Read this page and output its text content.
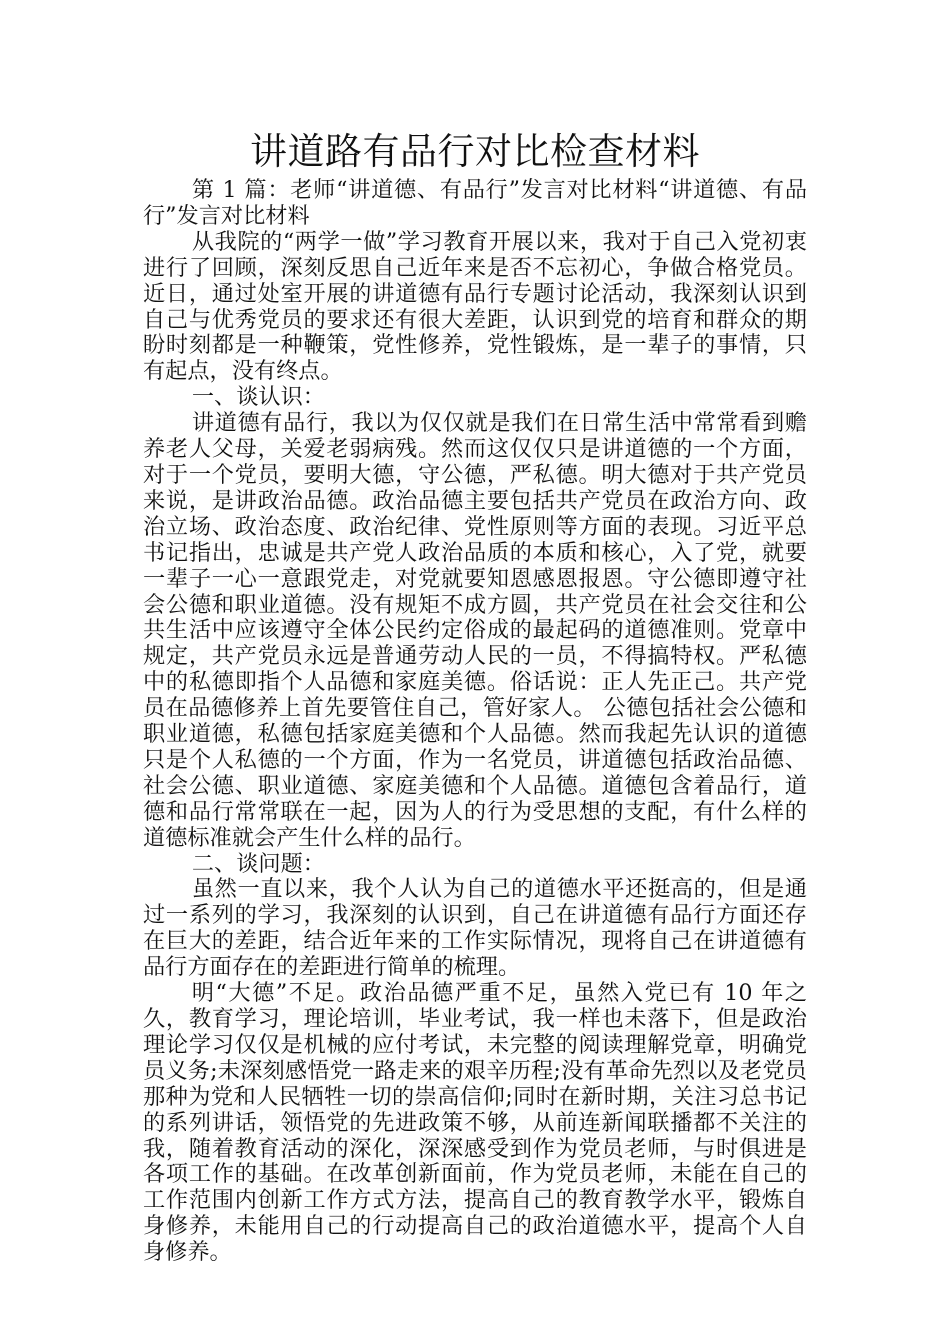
讲道路有品行对比检查材料

第 1 篇：老师“讲道德、有品行”发言对比材料“讲道德、有品行”发言对比材料

从我院的“两学一做”学习教育开展以来，我对于自己入党初衷进行了回顾，深刻反思自己近年来是否不忘初心，争做合格党员。近日，通过处室开展的讲道德有品行专题讨论活动，我深刻认识到自己与优秀党员的要求还有很大差距，认识到党的培育和群众的期盼时刻都是一种鞭策，党性修养，党性锻炼，是一辈子的事情，只有起点，没有终点。

一、谈认识：

讲道德有品行，我以为仅仅就是我们在日常生活中常常看到赡养老人父母，关爱老弱病残。然而这仅仅只是讲道德的一个方面，对于一个党员，要明大德，守公德，严私德。明大德对于共产党员来说，是讲政治品德。政治品德主要包括共产党员在政治方向、政治立场、政治态度、政治纪律、党性原则等方面的表现。习近平总书记指出，忠诚是共产党人政治品质的本质和核心，入了党，就要一辈子一心一意跟党走，对党就要知恩感恩报恩。守公德即遵守社会公德和职业道德。没有规矩不成方圆，共产党员在社会交往和公共生活中应该遵守全体公民约定俗成的最起码的道德准则。党章中规定，共产党员永远是普通劳动人民的一员，不得搞特权。严私德中的私德即指个人品德和家庭美德。俗话说：正人先正己。共产党员在品德修养上首先要管住自己，管好家人。 公德包括社会公德和职业道德，私德包括家庭美德和个人品德。然而我起先认识的道德只是个人私德的一个方面，作为一名党员，讲道德包括政治品德、社会公德、职业道德、家庭美德和个人品德。道德包含着品行，道德和品行常常联在一起，因为人的行为受思想的支配，有什么样的道德标准就会产生什么样的品行。

二、谈问题：

虽然一直以来，我个人认为自己的道德水平还挺高的，但是通过一系列的学习，我深刻的认识到，自己在讲道德有品行方面还存在巨大的差距，结合近年来的工作实际情况，现将自己在讲道德有品行方面存在的差距进行简单的梳理。

明“大德”不足。政治品德严重不足，虽然入党已有 10 年之久，教育学习，理论培训，毕业考试，我一样也未落下，但是政治理论学习仅仅是机械的应付考试，未完整的阅读理解党章，明确党员义务;未深刻感悟党一路走来的艰辛历程;没有革命先烈以及老党员那种为党和人民牺牲一切的崇高信仰;同时在新时期，关注习总书记的系列讲话，领悟党的先进政策不够，从前连新闻联播都不关注的我，随着教育活动的深化，深深感受到作为党员老师，与时俱进是各项工作的基础。在改革创新面前，作为党员老师，未能在自己的工作范围内创新工作方式方法，提高自己的教育教学水平，锻炼自身修养，未能用自己的行动提高自己的政治道德水平，提高个人自身修养。
